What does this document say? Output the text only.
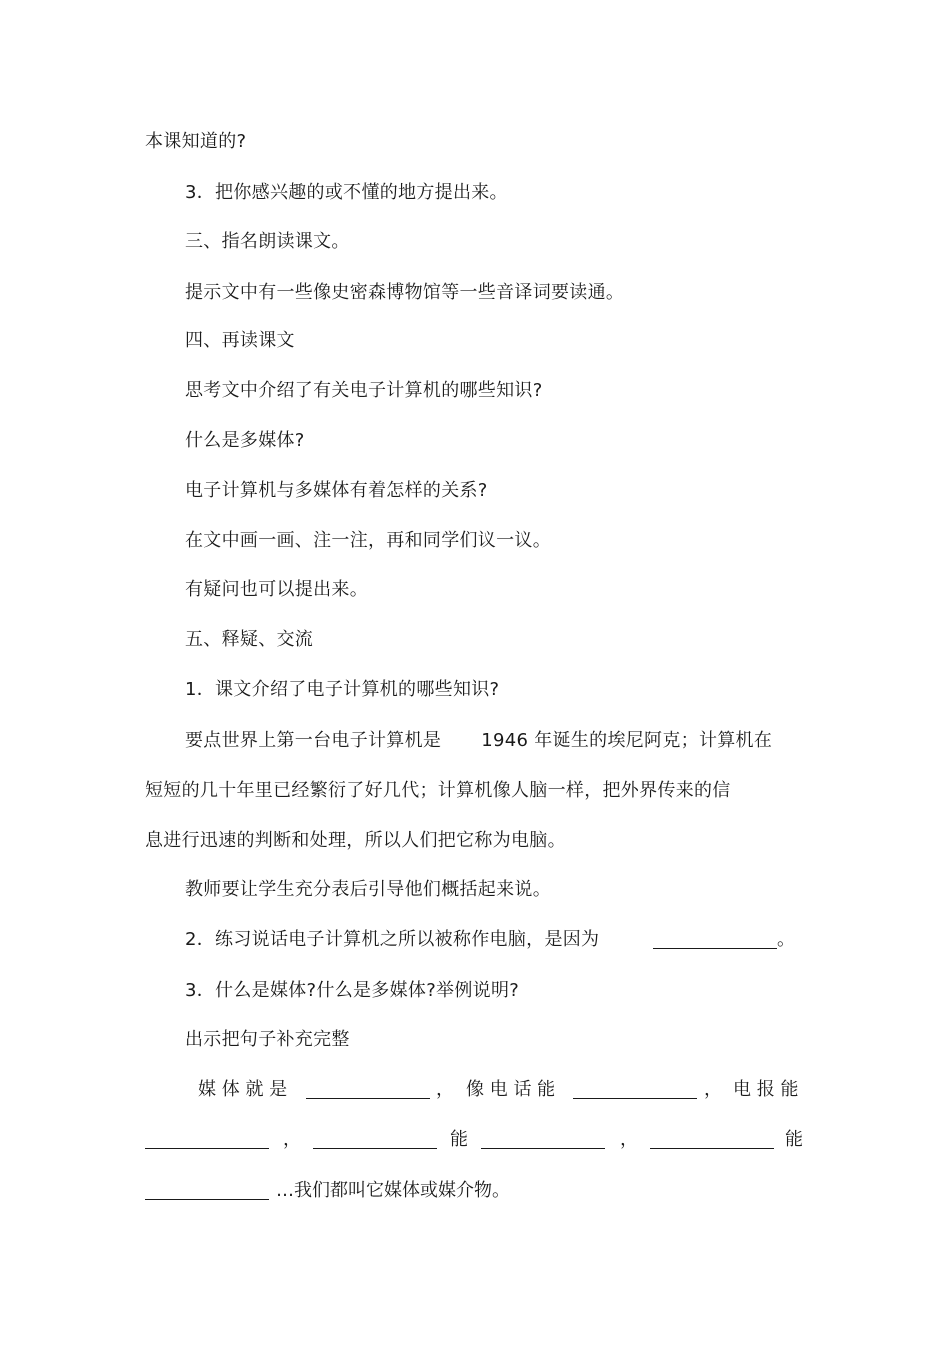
本课知道的?
3．把你感兴趣的或不懂的地方提出来。
三、指名朗读课文。
提示文中有一些像史密森博物馆等一些音译词要读通。
四、再读课文
思考文中介绍了有关电子计算机的哪些知识?
什么是多媒体?
电子计算机与多媒体有着怎样的关系?
在文中画一画、注一注，再和同学们议一议。
有疑问也可以提出来。
五、释疑、交流
1．课文介绍了电子计算机的哪些知识?
要点世界上第一台电子计算机是 1946 年诞生的埃尼阿克；计算机在
短短的几十年里已经繁衍了好几代；计算机像人脑一样，把外界传来的信
息进行迅速的判断和处理，所以人们把它称为电脑。
教师要让学生充分表后引导他们概括起来说。
2．练习说话电子计算机之所以被称作电脑，是因为	。
3．什么是媒体?什么是多媒体?举例说明?
出示把句子补充完整
媒 体 就 是	， 像 电 话 能	， 电 报 能
，	能	，	能
…我们都叫它媒体或媒介物。
